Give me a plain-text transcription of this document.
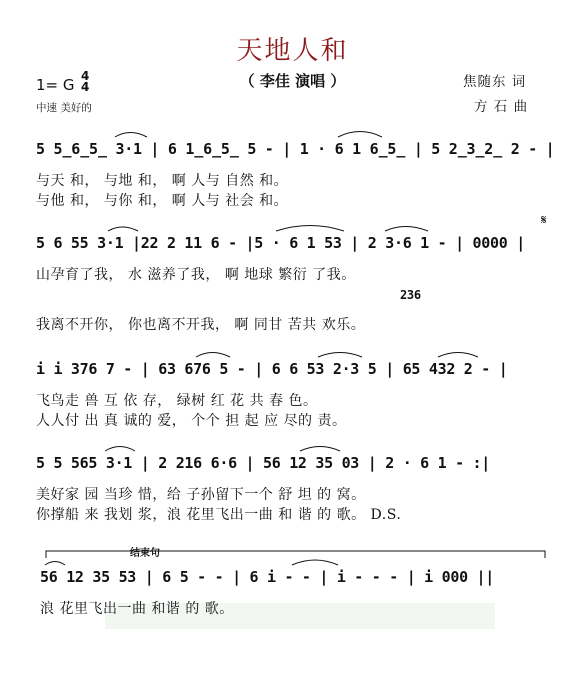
天地人和
（ 李佳 演唱 ）
1= G 4
4
中速 美好的
焦随东 词
方 石 曲
5 5̲6̲5̲ 3·1 | 6 1̲6̲5̲ 5 - | 1 · 6 1 6̲5̲ | 5 2̲3̲2̲ 2 - |
与天 和， 与地 和， 啊 人与 自然 和。
与他 和， 与你 和， 啊 人与 社会 和。
5 6 55 3·1 |22 2 11 6 - |5 · 6 1 53 | 2 3·6 1 - | 0000 |
山孕育了我， 水 滋养了我， 啊 地球 繁衍 了我。
236
我离不开你， 你也离不开我， 啊 同甘 苦共 欢乐。
i i 376 7 - | 63 676 5 - | 6 6 53 2·3 5 | 65 432 2 - |
飞鸟走 兽 互 依 存， 绿树 红 花 共 春 色。
人人付 出 真 诚的 爱， 个个 担 起 应 尽的 责。
5 5 565 3·1 | 2 216 6·6 | 56 12 35 03 | 2 · 6 1 - :|
美好家 园 当珍 惜，给 子孙留下一个 舒 坦 的 窝。
你撑船 来 我划 浆，浪 花里飞出一曲 和 谐 的 歌。 D.S.
结束句
56 12 35 53 | 6 5 - - | 6 i - - | i - - - | i 000 ||
浪 花里飞出一曲 和谐 的 歌。
𝄋
